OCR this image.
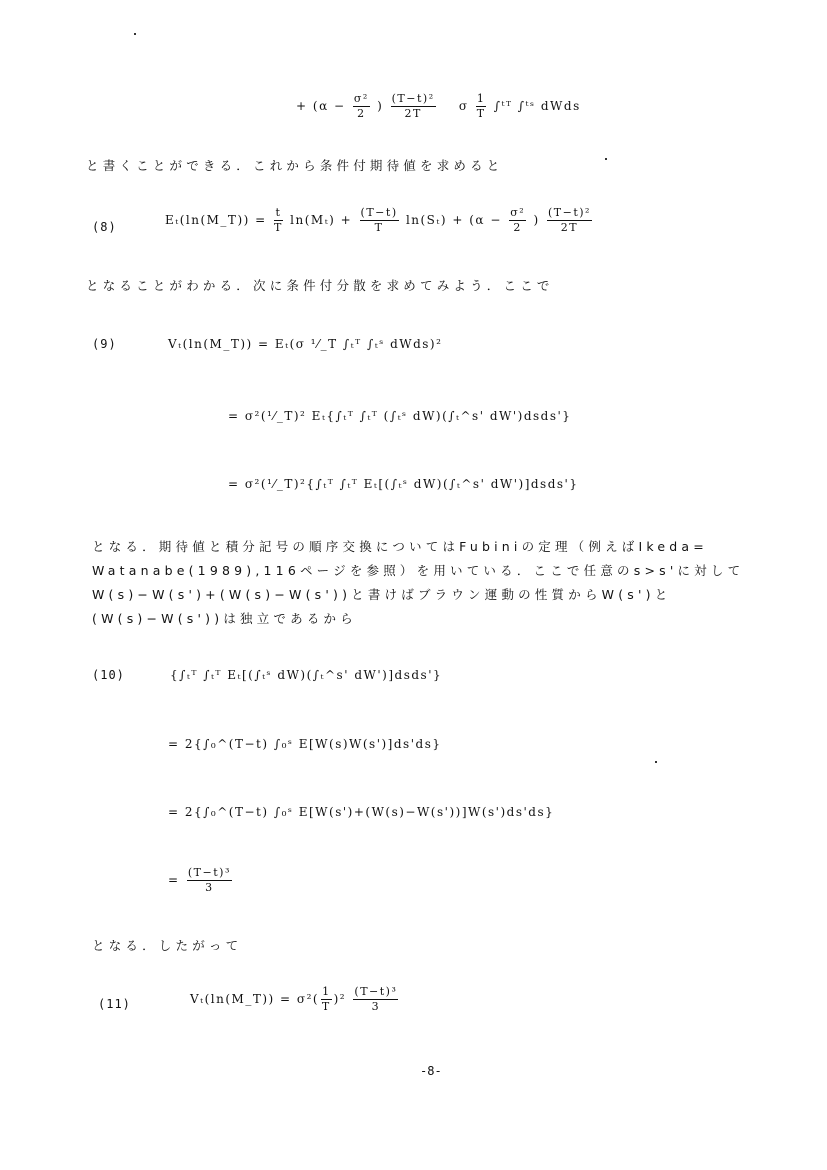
+ ($\alpha - \frac{\text{σ²}}{2}$ ) $\frac{\text{(T−t)²}}{2T}$ σ $\frac{1}{T}$ ∫ᵗᵀ ∫ᵗˢ dWds
と書くことができる．これから条件付期待値を求めると
(8)	Eₜ(ln(M_T)) = $\frac{t}{T} \ln(M_t) + \frac{(T-t)}{T} \ln(S_t) + (\alpha - \frac{\text{σ²}}{2}$ ) $\frac{\text{(T−t)²}}{2T}$
となることがわかる．次に条件付分散を求めてみよう．ここで
(9)	Vₜ(ln(M_T)) = Eₜ(σ ¹⁄_T ∫ₜᵀ ∫ₜˢ dWds)²
= σ²(¹⁄_T)² Eₜ{∫ₜᵀ ∫ₜᵀ (∫ₜˢ dW)(∫ₜ^s' dW')dsds'}
= σ²(¹⁄_T)²{∫ₜᵀ ∫ₜᵀ Eₜ[(∫ₜˢ dW)(∫ₜ^s' dW')]dsds'}
となる．期待値と積分記号の順序交換についてはFubiniの定理（例えばIkeda=
Watanabe(1989),116ページを参照）を用いている．ここで任意のs>s'に対して
W(s)−W(s')+(W(s)−W(s'))と書けばブラウン運動の性質からW(s')と
(W(s)−W(s'))は独立であるから
(10)	{∫ₜᵀ ∫ₜᵀ Eₜ[(∫ₜˢ dW)(∫ₜ^s' dW')]dsds'}
= 2{∫₀^(T−t) ∫₀ˢ E[W(s)W(s')]ds'ds}
= 2{∫₀^(T−t) ∫₀ˢ E[W(s')+(W(s)−W(s'))]W(s')ds'ds}
= $\frac{\text{(T−t)³}}{3}$
となる．したがって
(11)	Vₜ(ln(M_T)) = $\sigma^2( \frac{1}{T} )^2 \frac{\text{(T−t)³}}{3}$
-8-
